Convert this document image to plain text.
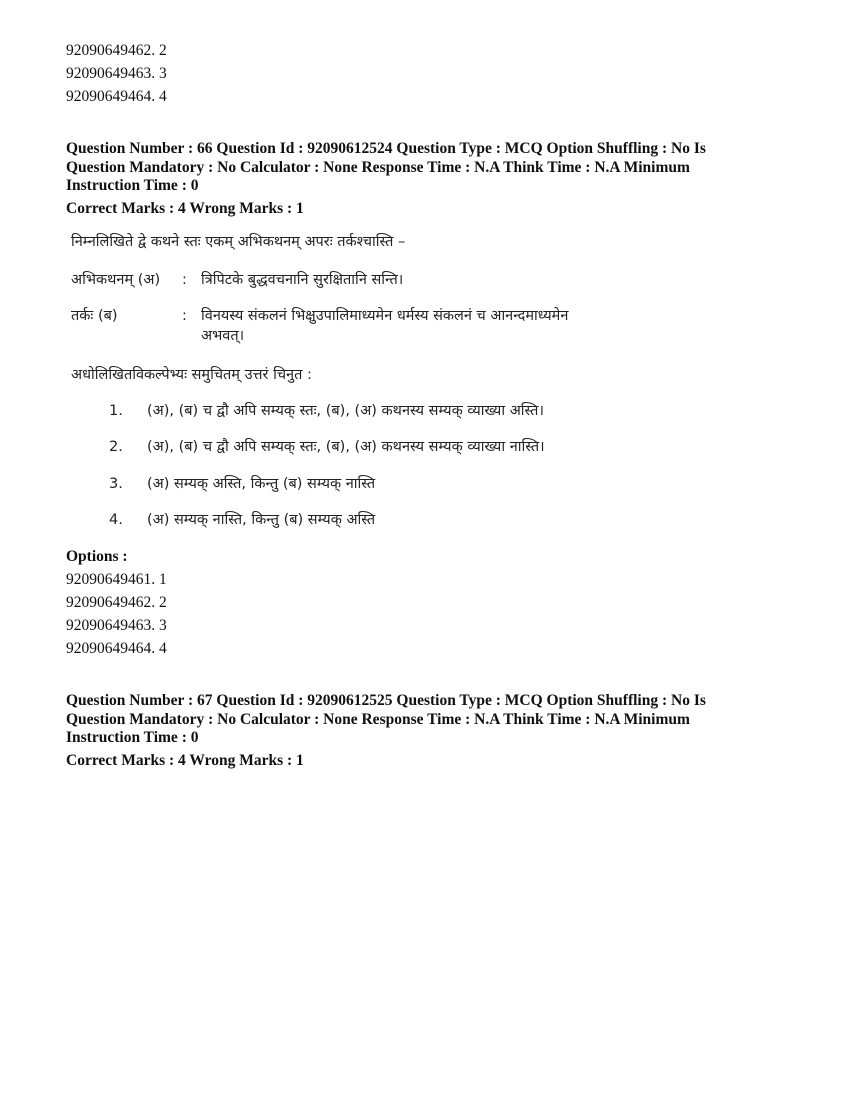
92090649462. 2
92090649463. 3
92090649464. 4
Question Number : 66 Question Id : 92090612524 Question Type : MCQ Option Shuffling : No Is
Question Mandatory : No Calculator : None Response Time : N.A Think Time : N.A Minimum
Instruction Time : 0
Correct Marks : 4 Wrong Marks : 1
निम्नलिखिते द्वे कथने स्तः एकम् अभिकथनम् अपरः तर्कश्चास्ति –
अभिकथनम् (अ) : त्रिपिटके बुद्धवचनानि सुरक्षितानि सन्ति।
तर्कः (ब)	: विनयस्य संकलनं भिक्षुउपालिमाध्यमेन धर्मस्य संकलनं च आनन्दमाध्यमेन
अभवत्।
अधोलिखितविकल्पेभ्यः समुचितम् उत्तरं चिनुत :
1. (अ), (ब) च द्वौ अपि सम्यक् स्तः, (ब), (अ) कथनस्य सम्यक् व्याख्या अस्ति।
2. (अ), (ब) च द्वौ अपि सम्यक् स्तः, (ब), (अ) कथनस्य सम्यक् व्याख्या नास्ति।
3. (अ) सम्यक् अस्ति, किन्तु (ब) सम्यक् नास्ति
4. (अ) सम्यक् नास्ति, किन्तु (ब) सम्यक् अस्ति
Options :
92090649461. 1
92090649462. 2
92090649463. 3
92090649464. 4
Question Number : 67 Question Id : 92090612525 Question Type : MCQ Option Shuffling : No Is
Question Mandatory : No Calculator : None Response Time : N.A Think Time : N.A Minimum
Instruction Time : 0
Correct Marks : 4 Wrong Marks : 1
